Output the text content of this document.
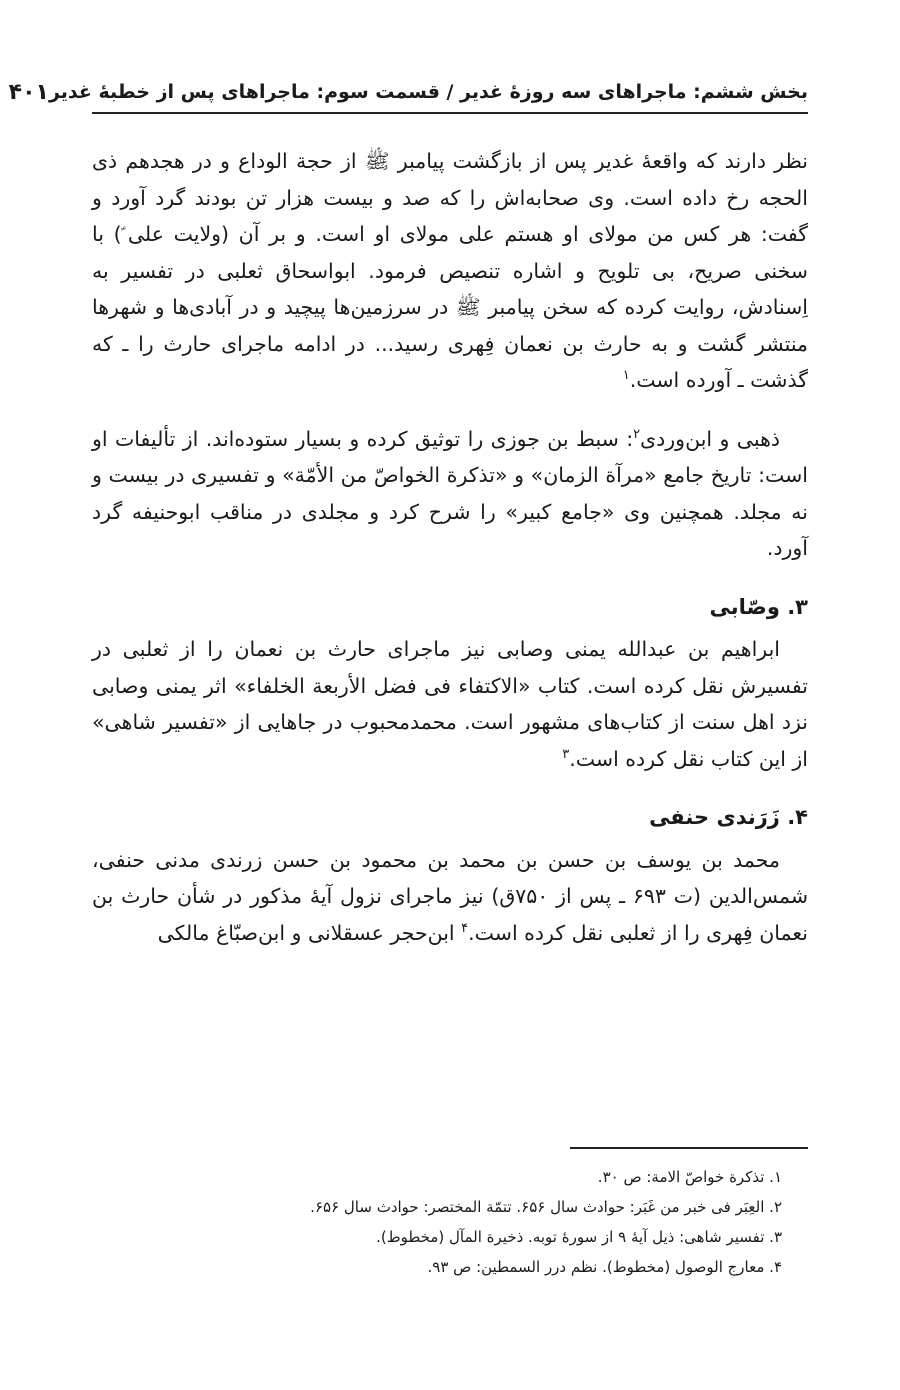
بخش ششم: ماجراهای سه روزهٔ غدیر / قسمت سوم: ماجراهای پس از خطبهٔ غدیر
۴۰۱

نظر دارند که واقعهٔ غدیر پس از بازگشت پیامبر ﷺ از حجة الوداع و در هجدهم ذی الحجه رخ داده است. وی صحابه‌اش را که صد و بیست هزار تن بودند گرد آورد و گفت: هر کس من مولای او هستم علی مولای او است. و بر آن (ولایت علی ؑ) با سخنی صریح، بی تلویح و اشاره تنصیص فرمود. ابواسحاق ثعلبی در تفسیر به اِسنادش، روایت کرده که سخن پیامبر ﷺ در سرزمین‌ها پیچید و در آبادی‌ها و شهرها منتشر گشت و به حارث بن نعمان فِهری رسید... در ادامه ماجرای حارث را ـ که گذشت ـ آورده است.$^۱$

ذهبی و ابن‌وردی$^۲$: سبط بن جوزی را توثیق کرده و بسیار ستوده‌اند. از تألیفات او است: تاریخ جامع «مرآة الزمان» و «تذکرة الخواصّ من الأمّة» و تفسیری در بیست و نه مجلد. همچنین وی «جامع کبیر» را شرح کرد و مجلدی در مناقب ابوحنیفه گرد آورد.

۳. وصّابی

ابراهیم بن عبدالله یمنی وصابی نیز ماجرای حارث بن نعمان را از ثعلبی در تفسیرش نقل کرده است. کتاب «الاکتفاء فی فضل الأربعة الخلفاء» اثر یمنی وصابی نزد اهل سنت از کتاب‌های مشهور است. محمدمحبوب در جاهایی از «تفسیر شاهی» از این کتاب نقل کرده است.$^۳$

۴. زَرَندی حنفی

محمد بن یوسف بن حسن بن محمد بن محمود بن حسن زرندی مدنی حنفی، شمس‌الدین (ت ۶۹۳ ـ پس از ۷۵۰ق) نیز ماجرای نزول آیهٔ مذکور در شأن حارث بن نعمان فِهری را از ثعلبی نقل کرده است.$^۴$ ابن‌حجر عسقلانی و ابن‌صبّاغ مالکی

۱. تذکرة خواصّ الامة: ص ۳۰.
۲. العِبَر فی خبر من غَبَر: حوادث سال ۶۵۶. تتمّة المختصر: حوادث سال ۶۵۶.
۳. تفسیر شاهی: ذیل آیهٔ ۹ از سورهٔ توبه. ذخیرة المآل (مخطوط).
۴. معارج الوصول (مخطوط). نظم درر السمطین: ص ۹۳.
